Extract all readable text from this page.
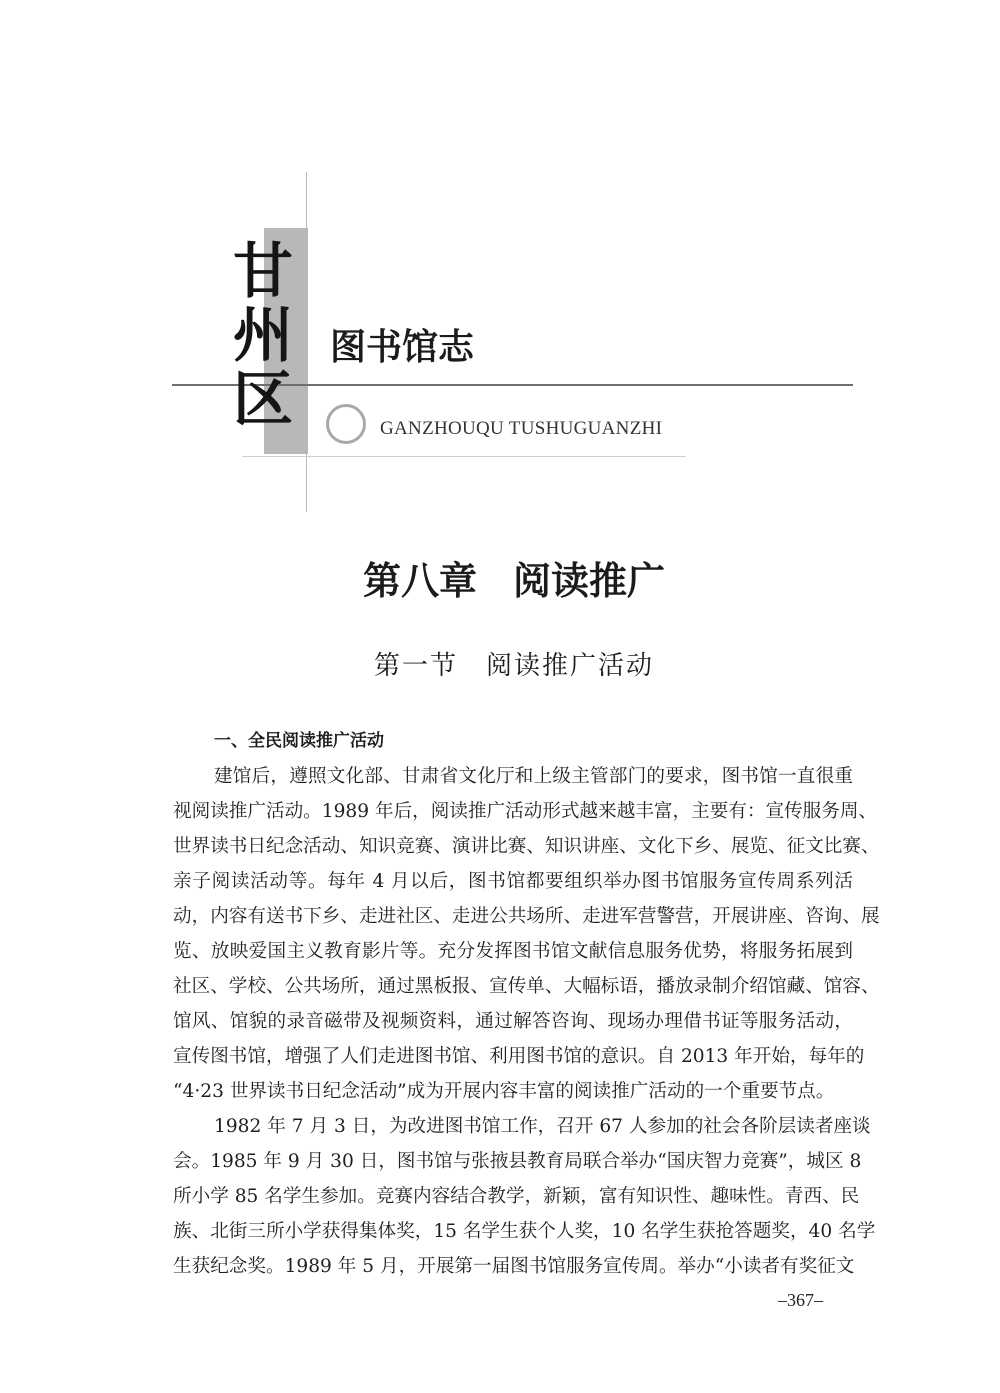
甘
州
区
图书馆志
GANZHOUQU TUSHUGUANZHI
第八章 阅读推广
第一节 阅读推广活动
一、全民阅读推广活动
建馆后，遵照文化部、甘肃省文化厅和上级主管部门的要求，图书馆一直很重
视阅读推广活动。1989 年后，阅读推广活动形式越来越丰富，主要有：宣传服务周、
世界读书日纪念活动、知识竞赛、演讲比赛、知识讲座、文化下乡、展览、征文比赛、
亲子阅读活动等。每年 4 月以后，图书馆都要组织举办图书馆服务宣传周系列活
动，内容有送书下乡、走进社区、走进公共场所、走进军营警营，开展讲座、咨询、展
览、放映爱国主义教育影片等。充分发挥图书馆文献信息服务优势，将服务拓展到
社区、学校、公共场所，通过黑板报、宣传单、大幅标语，播放录制介绍馆藏、馆容、
馆风、馆貌的录音磁带及视频资料，通过解答咨询、现场办理借书证等服务活动，
宣传图书馆，增强了人们走进图书馆、利用图书馆的意识。自 2013 年开始，每年的
“4·23 世界读书日纪念活动”成为开展内容丰富的阅读推广活动的一个重要节点。
1982 年 7 月 3 日，为改进图书馆工作，召开 67 人参加的社会各阶层读者座谈
会。1985 年 9 月 30 日，图书馆与张掖县教育局联合举办“国庆智力竞赛”，城区 8
所小学 85 名学生参加。竞赛内容结合教学，新颖，富有知识性、趣味性。青西、民
族、北街三所小学获得集体奖，15 名学生获个人奖，10 名学生获抢答题奖，40 名学
生获纪念奖。1989 年 5 月，开展第一届图书馆服务宣传周。举办“小读者有奖征文
–367–
